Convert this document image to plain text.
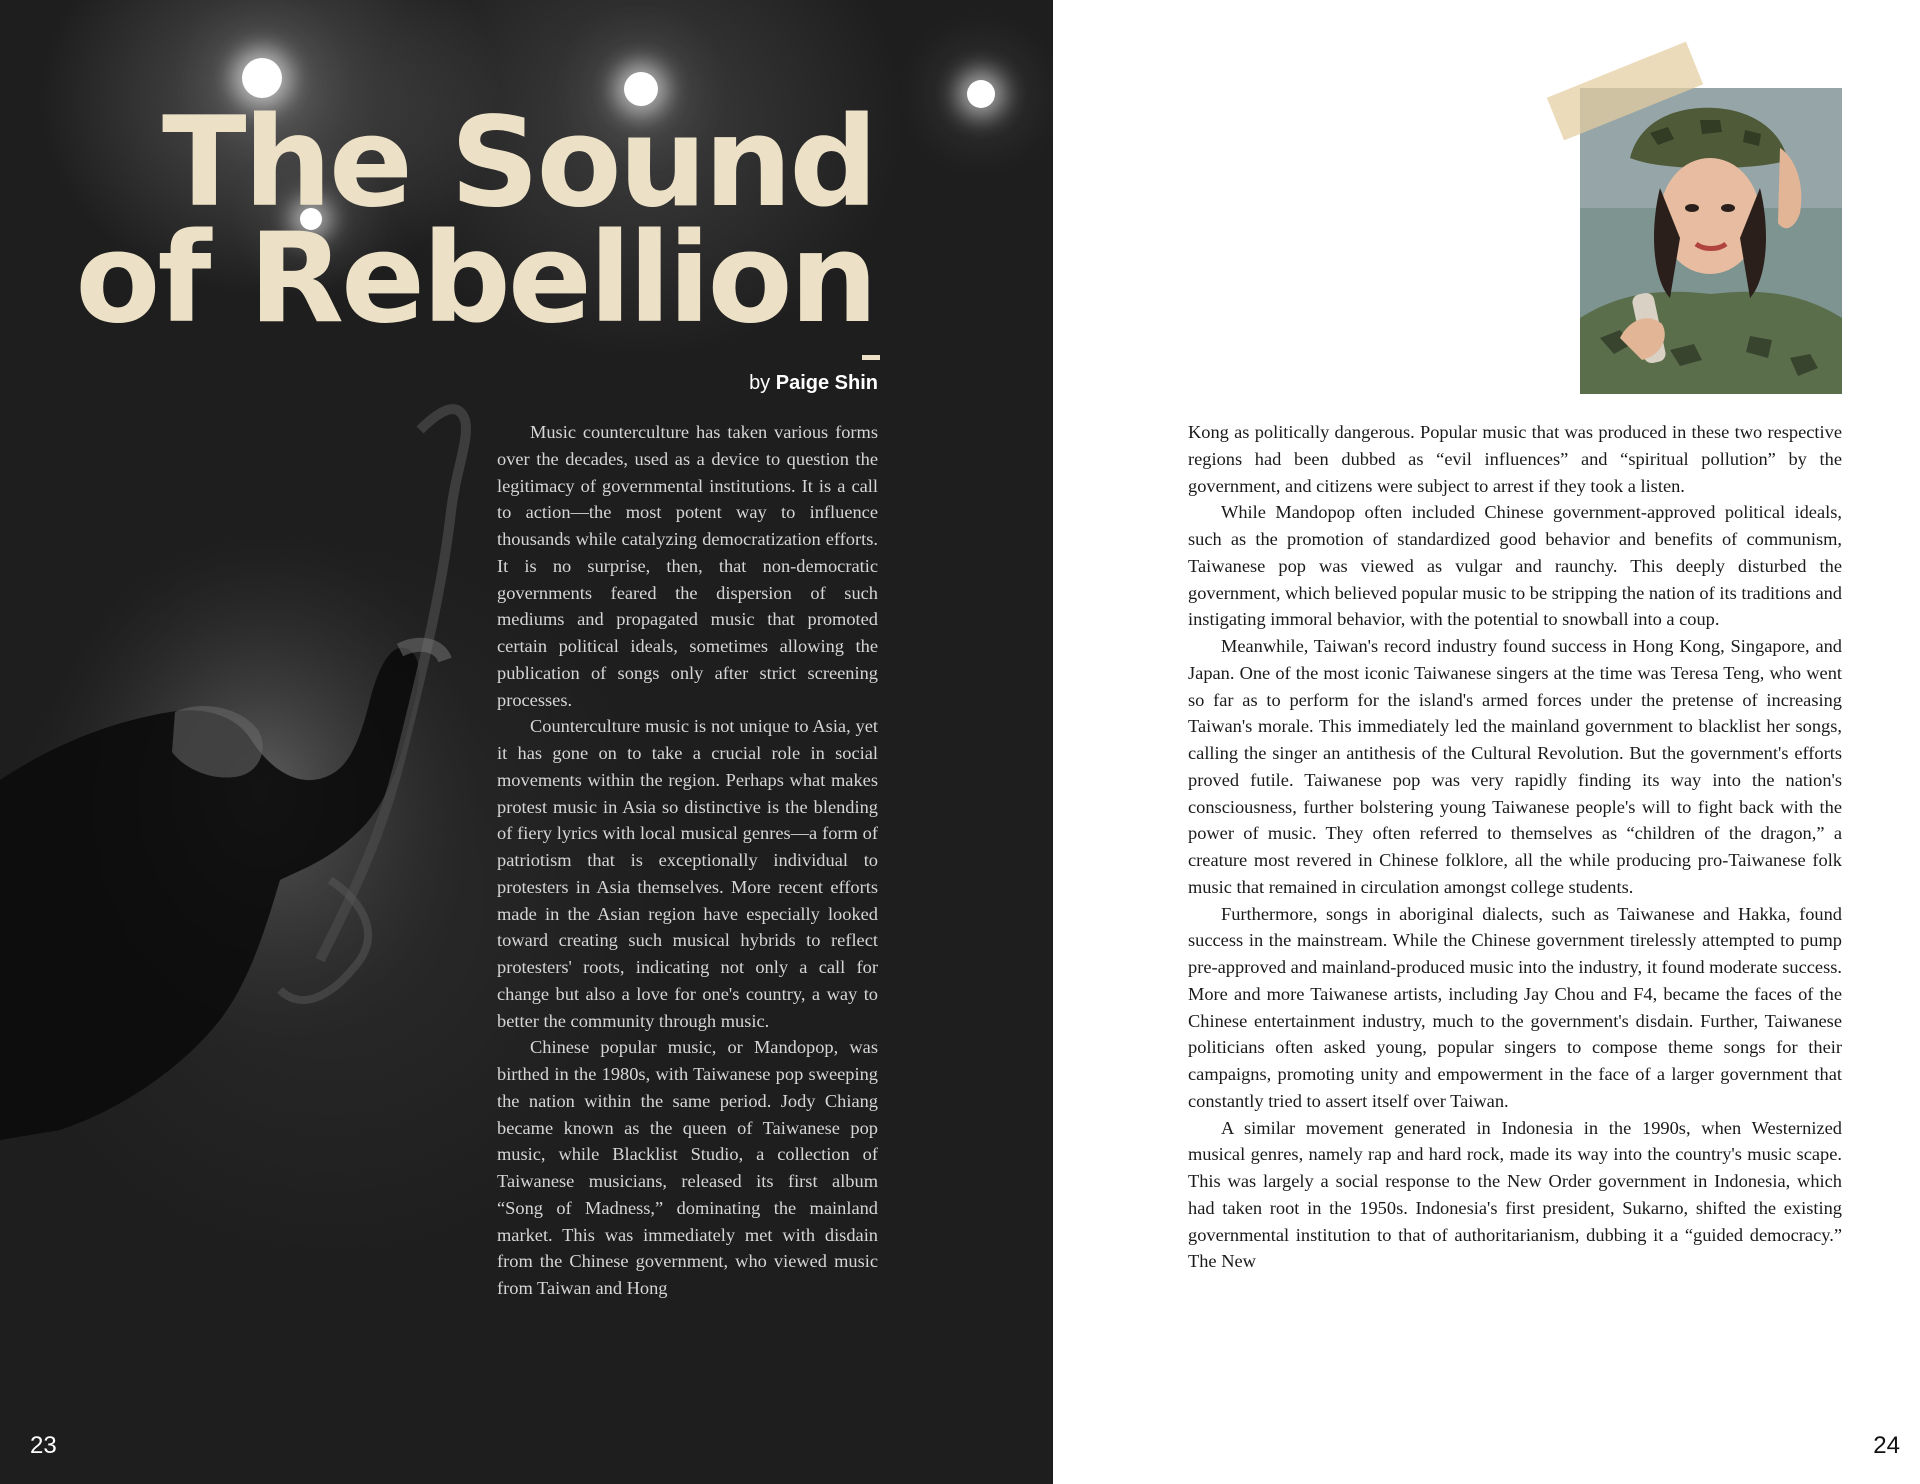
The Sound
of Rebellion
by Paige Shin

Music counterculture has taken various forms over the decades, used as a device to question the legitimacy of governmental institutions. It is a call to action—the most potent way to influence thousands while catalyzing democratization efforts. It is no surprise, then, that non-democratic governments feared the dispersion of such mediums and propagated music that promoted certain political ideals, sometimes allowing the publication of songs only after strict screening processes.

Counterculture music is not unique to Asia, yet it has gone on to take a crucial role in social movements within the region. Perhaps what makes protest music in Asia so distinctive is the blending of fiery lyrics with local musical genres—a form of patriotism that is exceptionally individual to protesters in Asia themselves. More recent efforts made in the Asian region have especially looked toward creating such musical hybrids to reflect protesters' roots, indicating not only a call for change but also a love for one's country, a way to better the community through music.

Chinese popular music, or Mandopop, was birthed in the 1980s, with Taiwanese pop sweeping the nation within the same period. Jody Chiang became known as the queen of Taiwanese pop music, while Blacklist Studio, a collection of Taiwanese musicians, released its first album “Song of Madness,” dominating the mainland market. This was immediately met with disdain from the Chinese government, who viewed music from Taiwan and Hong

23

Kong as politically dangerous. Popular music that was produced in these two respective regions had been dubbed as “evil influences” and “spiritual pollution” by the government, and citizens were subject to arrest if they took a listen.

While Mandopop often included Chinese government-approved political ideals, such as the promotion of standardized good behavior and benefits of communism, Taiwanese pop was viewed as vulgar and raunchy. This deeply disturbed the government, which believed popular music to be stripping the nation of its traditions and instigating immoral behavior, with the potential to snowball into a coup.

Meanwhile, Taiwan's record industry found success in Hong Kong, Singapore, and Japan. One of the most iconic Taiwanese singers at the time was Teresa Teng, who went so far as to perform for the island's armed forces under the pretense of increasing Taiwan's morale. This immediately led the mainland government to blacklist her songs, calling the singer an antithesis of the Cultural Revolution. But the government's efforts proved futile. Taiwanese pop was very rapidly finding its way into the nation's consciousness, further bolstering young Taiwanese people's will to fight back with the power of music. They often referred to themselves as “children of the dragon,” a creature most revered in Chinese folklore, all the while producing pro-Taiwanese folk music that remained in circulation amongst college students.

Furthermore, songs in aboriginal dialects, such as Taiwanese and Hakka, found success in the mainstream. While the Chinese government tirelessly attempted to pump pre-approved and mainland-produced music into the industry, it found moderate success. More and more Taiwanese artists, including Jay Chou and F4, became the faces of the Chinese entertainment industry, much to the government's disdain. Further, Taiwanese politicians often asked young, popular singers to compose theme songs for their campaigns, promoting unity and empowerment in the face of a larger government that constantly tried to assert itself over Taiwan.

A similar movement generated in Indonesia in the 1990s, when Westernized musical genres, namely rap and hard rock, made its way into the country's music scape. This was largely a social response to the New Order government in Indonesia, which had taken root in the 1950s. Indonesia's first president, Sukarno, shifted the existing governmental institution to that of authoritarianism, dubbing it a “guided democracy.” The New

24
